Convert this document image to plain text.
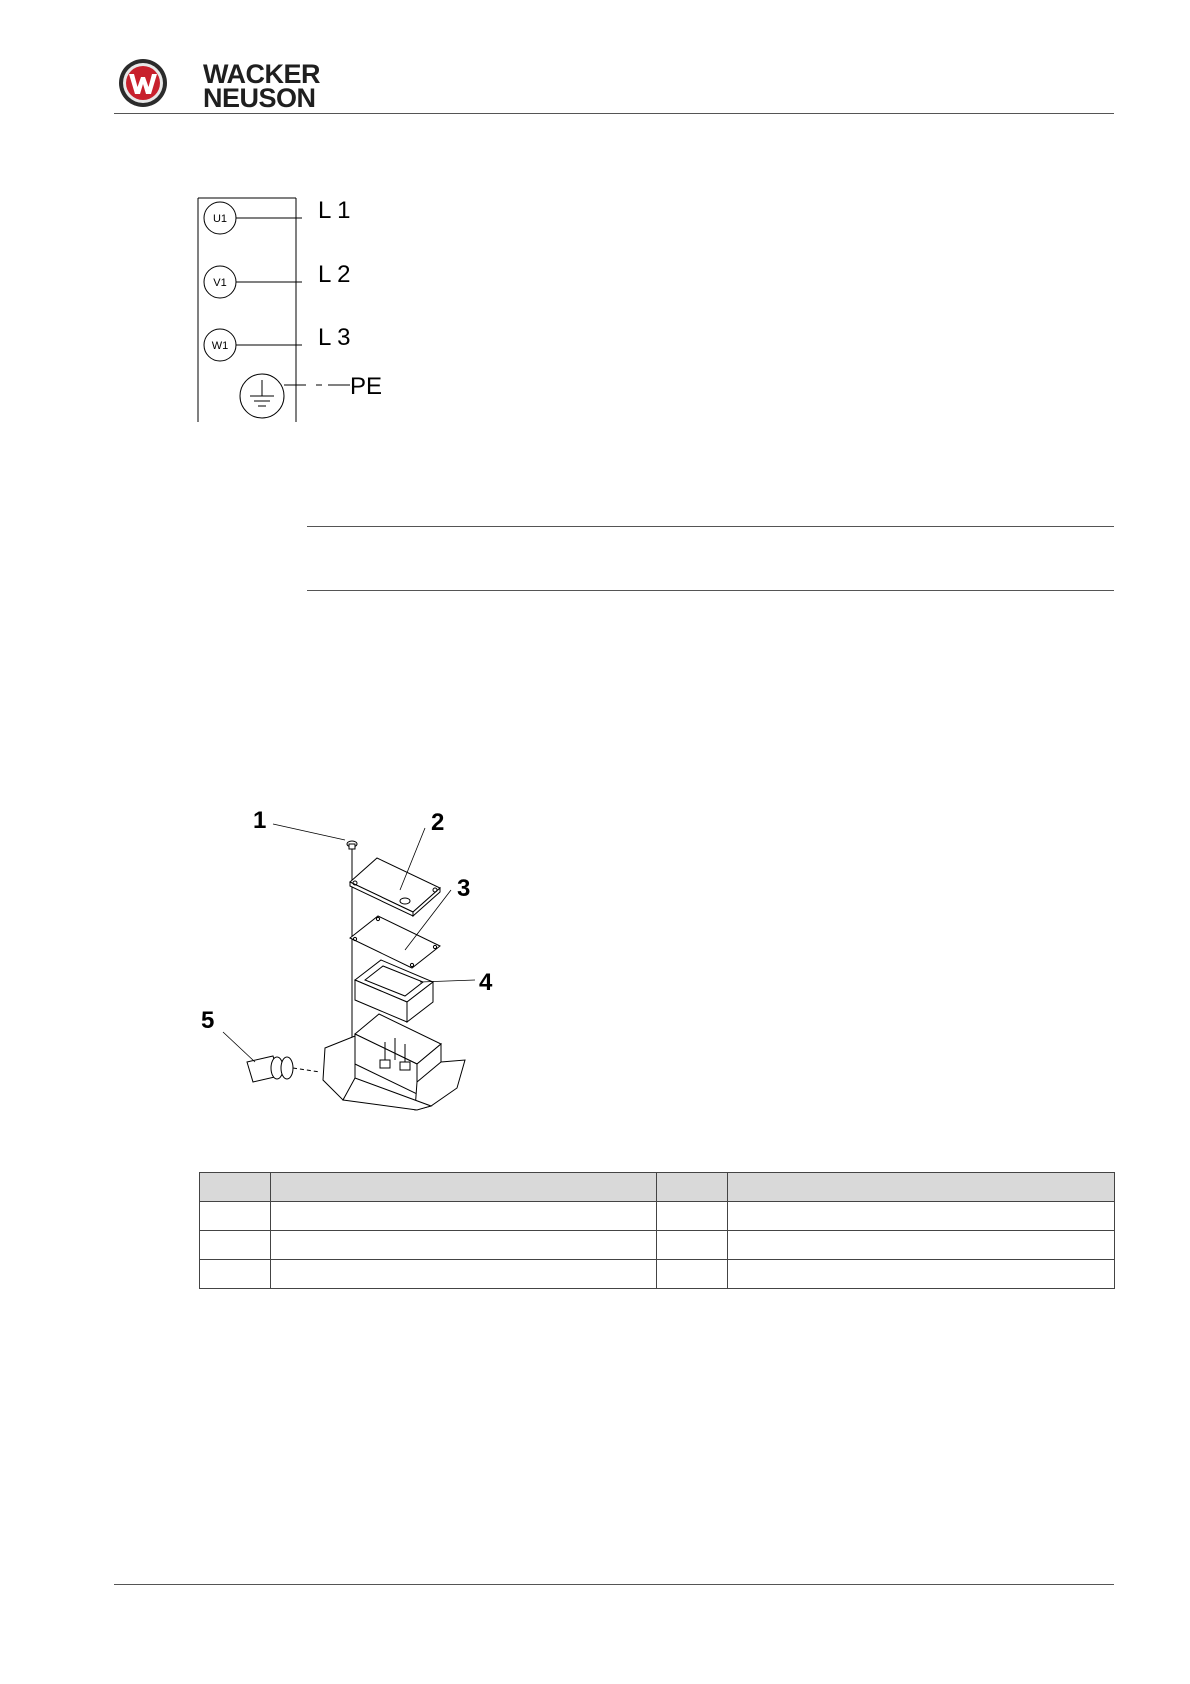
WACKER
NEUSON
U1	L 1
V1	L 2
W1	L 3
PE
1	2
3
4
5
